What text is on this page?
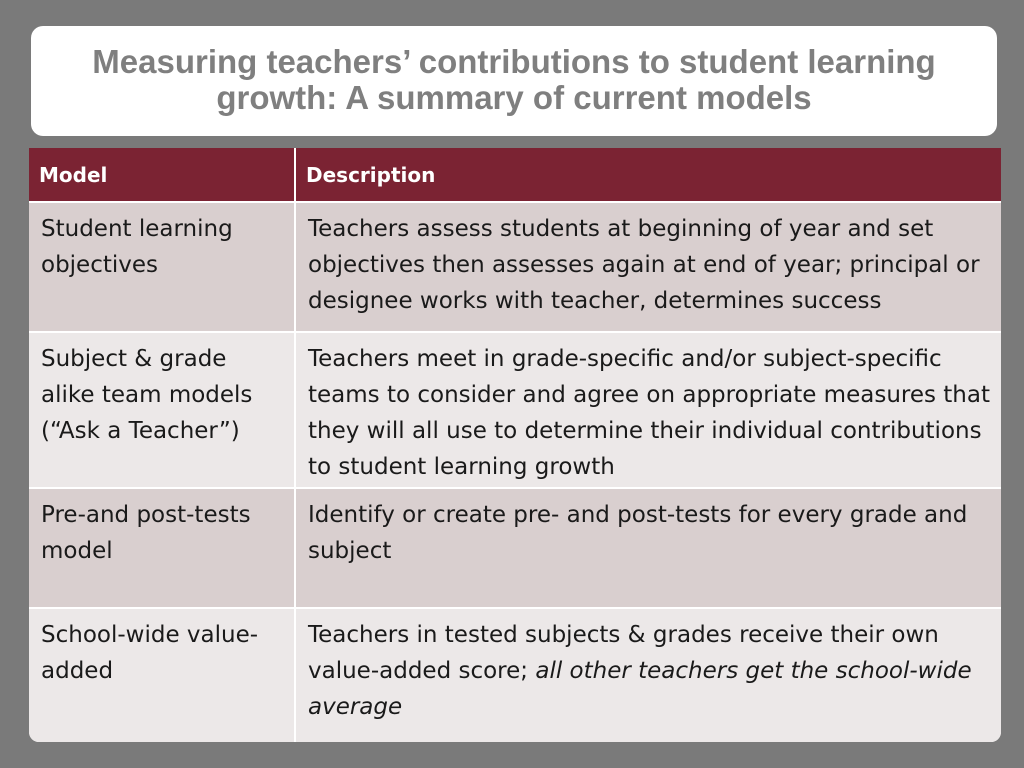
Measuring teachers’ contributions to student learning
growth: A summary of current models
Model	Description
Student learning objectives	Teachers assess students at beginning of year and set objectives then assesses again at end of year; principal or designee works with teacher, determines success
Subject & grade alike team models (“Ask a Teacher”)	Teachers meet in grade-specific and/or subject-specific teams to consider and agree on appropriate measures that they will all use to determine their individual contributions to student learning growth
Pre-and post-tests model	Identify or create pre- and post-tests for every grade and subject
School-wide value-added	Teachers in tested subjects & grades receive their own value-added score; all other teachers get the school-wide average
